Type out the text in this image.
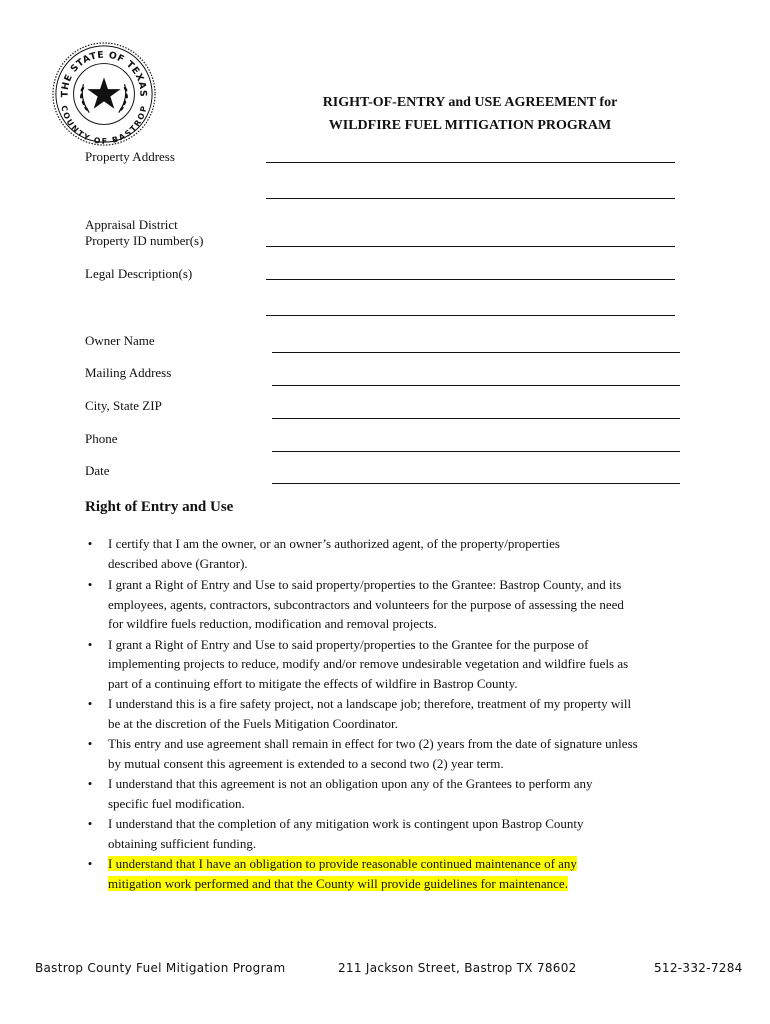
THE STATE OF TEXAS
COUNTY OF BASTROP	RIGHT-OF-ENTRY and USE AGREEMENT for
WILDFIRE FUEL MITIGATION PROGRAM
Property Address
Appraisal District
Property ID number(s)
Legal Description(s)
Owner Name
Mailing Address
City, State ZIP
Phone
Date
Right of Entry and Use
• I certify that I am the owner, or an owner’s authorized agent, of the property/properties
described above (Grantor).
• I grant a Right of Entry and Use to said property/properties to the Grantee: Bastrop County, and its
employees, agents, contractors, subcontractors and volunteers for the purpose of assessing the need
for wildfire fuels reduction, modification and removal projects.
• I grant a Right of Entry and Use to said property/properties to the Grantee for the purpose of
implementing projects to reduce, modify and/or remove undesirable vegetation and wildfire fuels as
part of a continuing effort to mitigate the effects of wildfire in Bastrop County.
• I understand this is a fire safety project, not a landscape job; therefore, treatment of my property will
be at the discretion of the Fuels Mitigation Coordinator.
• This entry and use agreement shall remain in effect for two (2) years from the date of signature unless
by mutual consent this agreement is extended to a second two (2) year term.
• I understand that this agreement is not an obligation upon any of the Grantees to perform any
specific fuel modification.
• I understand that the completion of any mitigation work is contingent upon Bastrop County
obtaining sufficient funding.
• I understand that I have an obligation to provide reasonable continued maintenance of any
mitigation work performed and that the County will provide guidelines for maintenance.
Bastrop County Fuel Mitigation Program	211 Jackson Street, Bastrop TX 78602	512-332-7284
